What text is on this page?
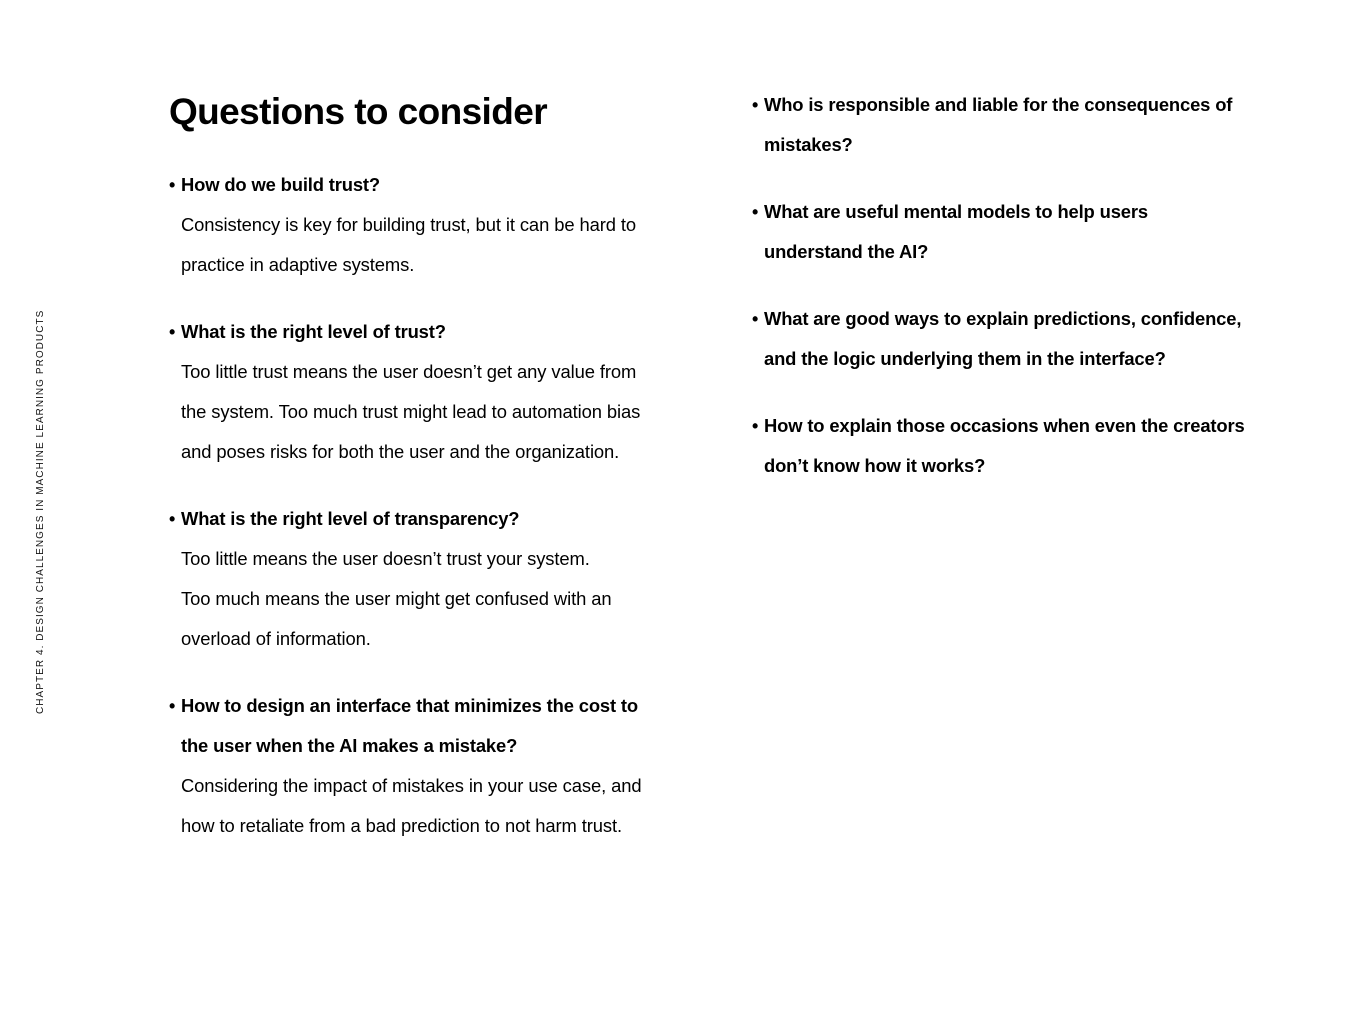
CHAPTER 4. DESIGN CHALLENGES IN MACHINE LEARNING PRODUCTS
Questions to consider
• How do we build trust?
Consistency is key for building trust, but it can be hard to
practice in adaptive systems.
• What is the right level of trust?
Too little trust means the user doesn’t get any value from
the system. Too much trust might lead to automation bias
and poses risks for both the user and the organization.
• What is the right level of transparency?
Too little means the user doesn’t trust your system.
Too much means the user might get confused with an
overload of information.
• How to design an interface that minimizes the cost to
the user when the AI makes a mistake?
Considering the impact of mistakes in your use case, and
how to retaliate from a bad prediction to not harm trust.
• Who is responsible and liable for the consequences of
mistakes?
• What are useful mental models to help users
understand the AI?
• What are good ways to explain predictions, confidence,
and the logic underlying them in the interface?
• How to explain those occasions when even the creators
don’t know how it works?
